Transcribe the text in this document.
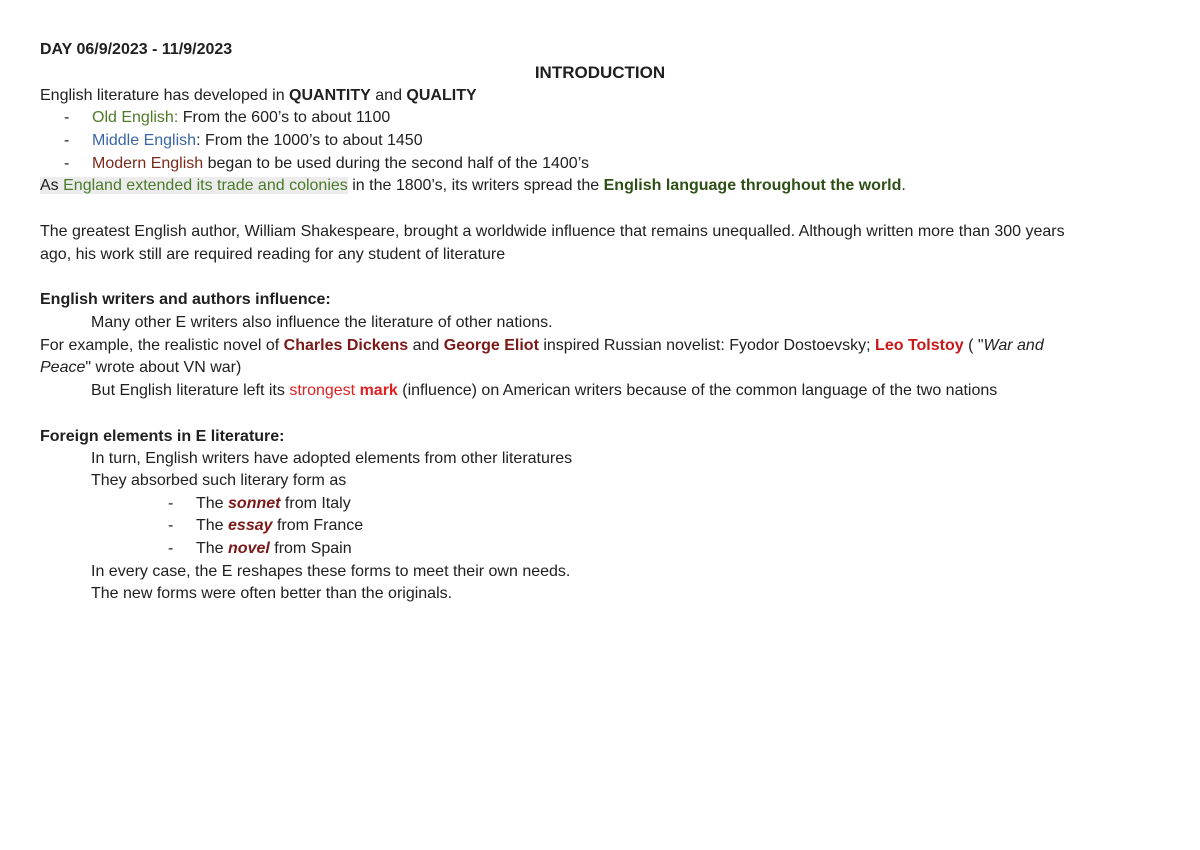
DAY 06/9/2023 - 11/9/2023
INTRODUCTION
English literature has developed in QUANTITY and QUALITY
- Old English: From the 600’s to about 1100
- Middle English: From the 1000’s to about 1450
- Modern English began to be used during the second half of the 1400’s
As England extended its trade and colonies in the 1800’s, its writers spread the English language throughout the world.
The greatest English author, William Shakespeare, brought a worldwide influence that remains unequalled. Although written more than 300 years
ago, his work still are required reading for any student of literature
English writers and authors influence:
Many other E writers also influence the literature of other nations.
For example, the realistic novel of Charles Dickens and George Eliot inspired Russian novelist: Fyodor Dostoevsky; Leo Tolstoy ( "War and
Peace" wrote about VN war)
But English literature left its strongest mark (influence) on American writers because of the common language of the two nations
Foreign elements in E literature:
In turn, English writers have adopted elements from other literatures
They absorbed such literary form as
- The sonnet from Italy
- The essay from France
- The novel from Spain
In every case, the E reshapes these forms to meet their own needs.
The new forms were often better than the originals.
